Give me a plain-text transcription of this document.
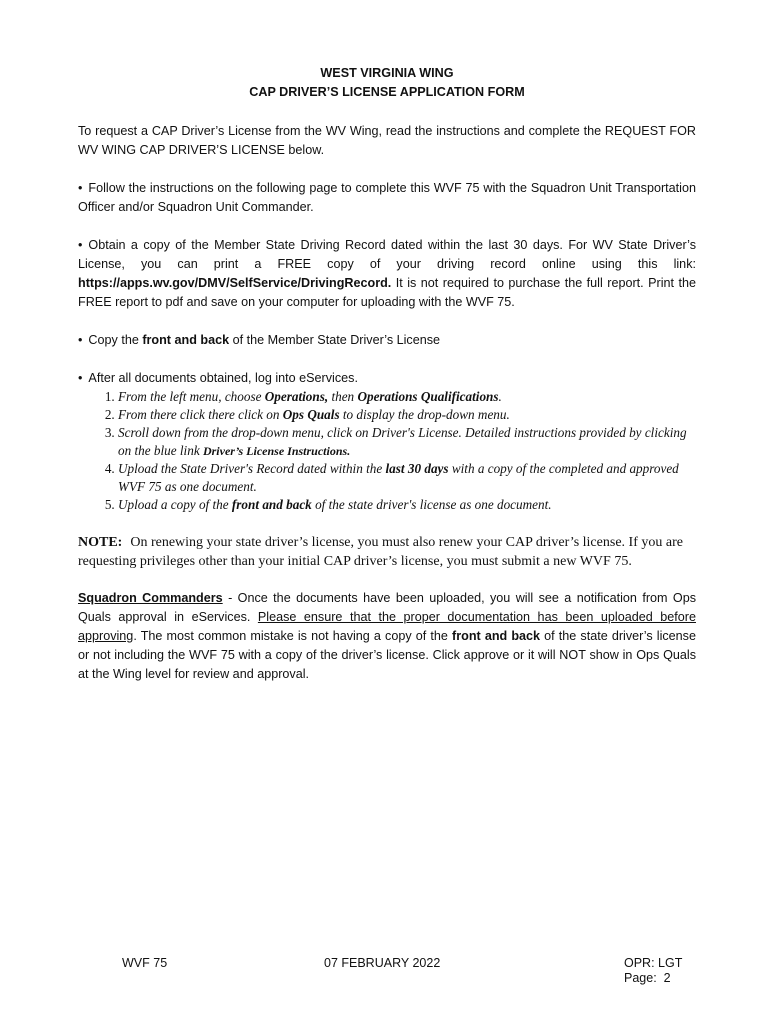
WEST VIRGINIA WING
CAP DRIVER’S LICENSE APPLICATION FORM

To request a CAP Driver’s License from the WV Wing, read the instructions and complete the REQUEST FOR WV WING CAP DRIVER’S LICENSE below.

• Follow the instructions on the following page to complete this WVF 75 with the Squadron Unit Transportation Officer and/or Squadron Unit Commander.

• Obtain a copy of the Member State Driving Record dated within the last 30 days. For WV State Driver’s License, you can print a FREE copy of your driving record online using this link: https://apps.wv.gov/DMV/SelfService/DrivingRecord. It is not required to purchase the full report. Print the FREE report to pdf and save on your computer for uploading with the WVF 75.

• Copy the front and back of the Member State Driver’s License

• After all documents obtained, log into eServices.

1. From the left menu, choose Operations, then Operations Qualifications.
2. From there click there click on Ops Quals to display the drop-down menu.
3. Scroll down from the drop-down menu, click on Driver's License. Detailed instructions provided by clicking on the blue link Driver’s License Instructions.
4. Upload the State Driver's Record dated within the last 30 days with a copy of the completed and approved WVF 75 as one document.
5. Upload a copy of the front and back of the state driver's license as one document.

NOTE: On renewing your state driver’s license, you must also renew your CAP driver’s license. If you are requesting privileges other than your initial CAP driver’s license, you must submit a new WVF 75.

Squadron Commanders - Once the documents have been uploaded, you will see a notification from Ops Quals approval in eServices. Please ensure that the proper documentation has been uploaded before approving. The most common mistake is not having a copy of the front and back of the state driver’s license or not including the WVF 75 with a copy of the driver’s license. Click approve or it will NOT show in Ops Quals at the Wing level for review and approval.

WVF 75	07 FEBRUARY 2022	OPR: LGT
Page:  2
